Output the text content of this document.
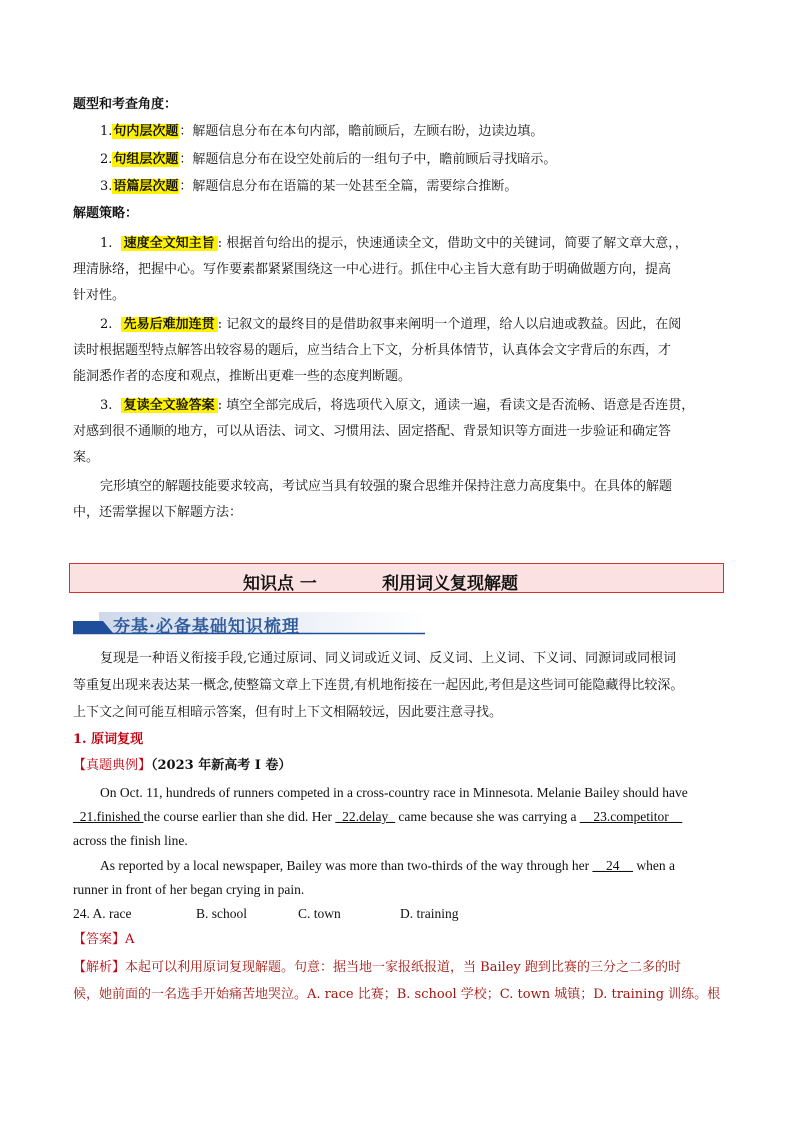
题型和考查角度：
1.句内层次题：解题信息分布在本句内部，瞻前顾后，左顾右盼，边读边填。
2.句组层次题：解题信息分布在设空处前后的一组句子中，瞻前顾后寻找暗示。
3.语篇层次题：解题信息分布在语篇的某一处甚至全篇，需要综合推断。
解题策略：
1. 速度全文知主旨 : 根据首句给出的提示，快速通读全文，借助文中的关键词，简要了解文章大意，，
理清脉络，把握中心。写作要素都紧紧围绕这一中心进行。抓住中心主旨大意有助于明确做题方向，提高
针对性。
2. 先易后难加连贯 : 记叙文的最终目的是借助叙事来阐明一个道理，给人以启迪或教益。因此，在阅
读时根据题型特点解答出较容易的题后，应当结合上下文，分析具体情节，认真体会文字背后的东西，才
能洞悉作者的态度和观点，推断出更难一些的态度判断题。
3. 复读全文验答案 : 填空全部完成后，将选项代入原文，通读一遍，看读文是否流畅、语意是否连贯，
对感到很不通顺的地方，可以从语法、词文、习惯用法、固定搭配、背景知识等方面进一步验证和确定答
案。
完形填空的解题技能要求较高，考试应当具有较强的聚合思维并保持注意力高度集中。在具体的解题
中，还需掌握以下解题方法：
知识点 一	利用词义复现解题
夯基·必备基础知识梳理
复现是一种语义衔接手段,它通过原词、同义词或近义词、反义词、上义词、下义词、同源词或同根词
等重复出现来表达某一概念,使整篇文章上下连贯,有机地衔接在一起因此,考但是这些词可能隐藏得比较深。
上下文之间可能互相暗示答案，但有时上下文相隔较远，因此要注意寻找。
1. 原词复现
【真题典例】（2023 年新高考 I 卷）
On Oct. 11, hundreds of runners competed in a cross-country race in Minnesota. Melanie Bailey should have
_21.finished the course earlier than she did. Her _22.delay_ came because she was carrying a __23.competitor__
across the finish line.
As reported by a local newspaper, Bailey was more than two-thirds of the way through her __24__ when a
runner in front of her began crying in pain.
24. A. race	B. school	C. town	D. training
【答案】A
【解析】本起可以利用原词复现解题。句意：据当地一家报纸报道，当 Bailey 跑到比赛的三分之二多的时
候，她前面的一名选手开始痛苦地哭泣。A. race 比赛；B. school 学校；C. town 城镇；D. training 训练。根
